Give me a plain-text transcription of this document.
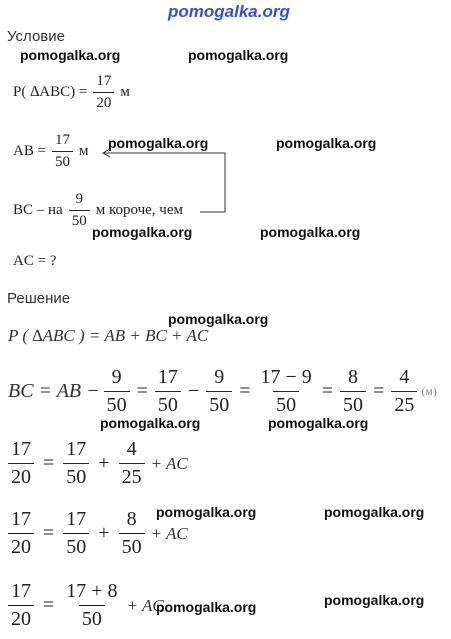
pomogalka.org
Условие
pomogalka.org	pomogalka.org
P( $\Delta ABC) = \frac{17}{20}$ м
AB = $\frac{17}{50}$ м pomogalka.org	pomogalka.org
BC – на $\frac{9}{50}$ м короче, чем
pomogalka.org	pomogalka.org
AC = ?
Решение
pomogalka.org
P ( ∆ABC ) = AB + BC + AC
BC = AB − $\frac{9}{50} = \frac{17}{50} - \frac{9}{50} = \frac{17 - 9}{50} = \frac{8}{50} = \frac{4}{25} (м)$
pomogalka.org	pomogalka.org
$\frac{17}{20} = \frac{17}{50} + \frac{4}{25}$ + AC
pomogalka.org	pomogalka.org
$\frac{17}{20} = \frac{17}{50} + \frac{8}{50}$ + AC
$\frac{17}{20} = \frac{17 + 8}{50}$ + AC
pomogalka.org	pomogalka.org
